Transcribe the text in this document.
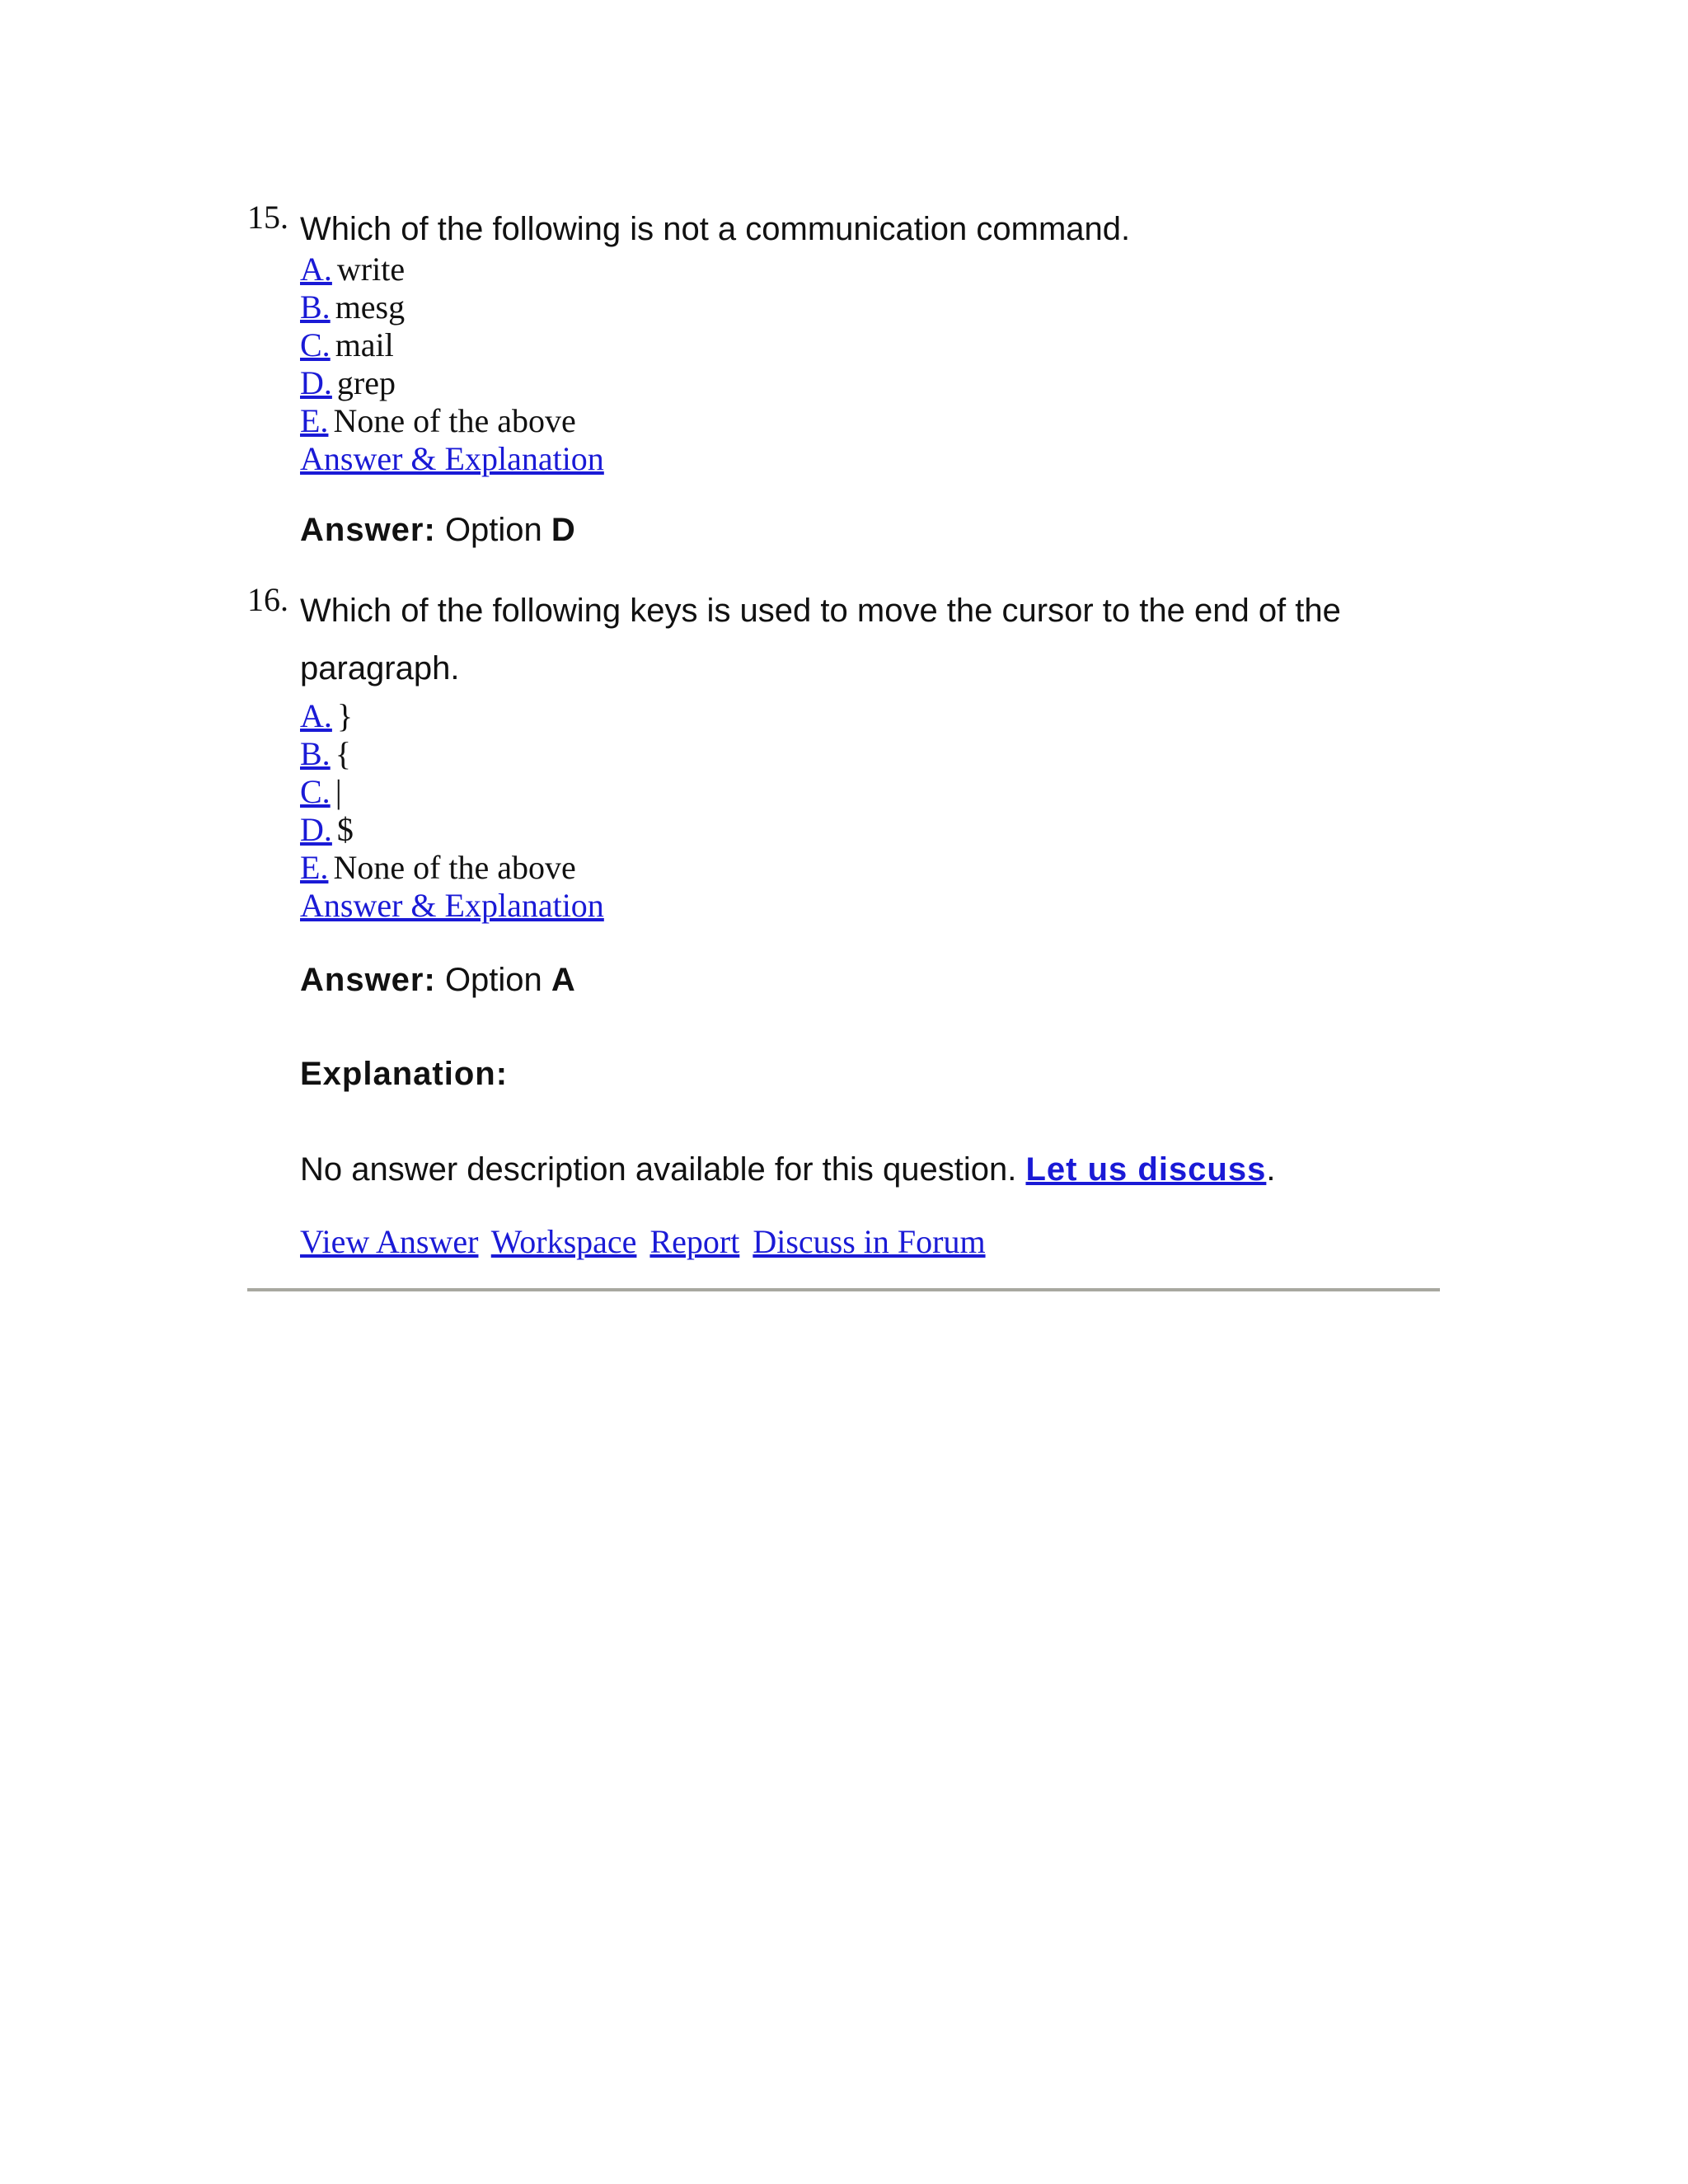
15. Which of the following is not a communication command.
A. write
B. mesg
C. mail
D. grep
E. None of the above
Answer & Explanation
Answer: Option D
16. Which of the following keys is used to move the cursor to the end of the paragraph.
A. }
B. {
C. |
D. $
E. None of the above
Answer & Explanation
Answer: Option A
Explanation:
No answer description available for this question. Let us discuss.
View Answer Workspace Report Discuss in Forum
